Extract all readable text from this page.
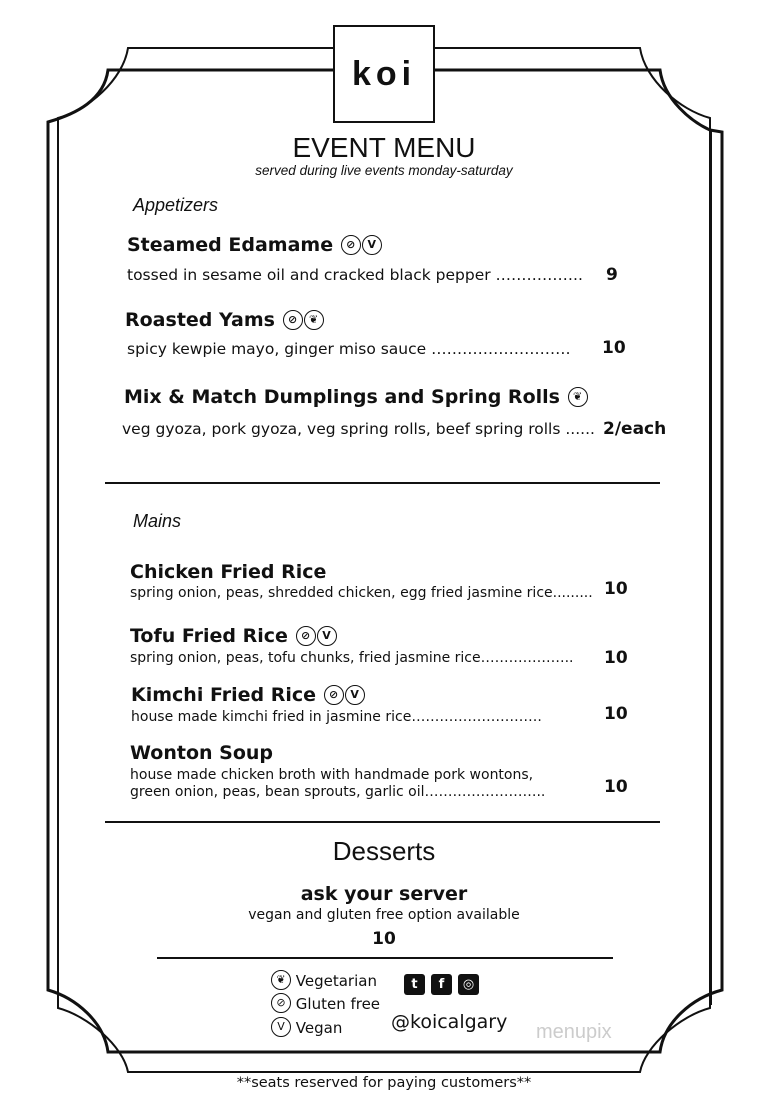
koi
EVENT MENU
served during live events monday-saturday
Appetizers
Steamed Edamame ⊘ V
tossed in sesame oil and cracked black pepper …………….. 9
Roasted Yams ⊘ ❦
spicy kewpie mayo, ginger miso sauce ……………………… 10
Mix & Match Dumplings and Spring Rolls ❦
veg gyoza, pork gyoza, veg spring rolls, beef spring rolls ...... 2/each
Mains
Chicken Fried Rice
spring onion, peas, shredded chicken, egg fried jasmine rice......... 10
Tofu Fried Rice ⊘ V
spring onion, peas, tofu chunks, fried jasmine rice……………….. 10
Kimchi Fried Rice ⊘ V
house made kimchi fried in jasmine rice……………………….	10
Wonton Soup
house made chicken broth with handmade pork wontons,
green onion, peas, bean sprouts, garlic oil……………………..	10
Desserts
ask your server
vegan and gluten free option available
10
❦ Vegetarian
⊘ Gluten free
V Vegan
t f ◎
@koicalgary menupix
**seats reserved for paying customers**
